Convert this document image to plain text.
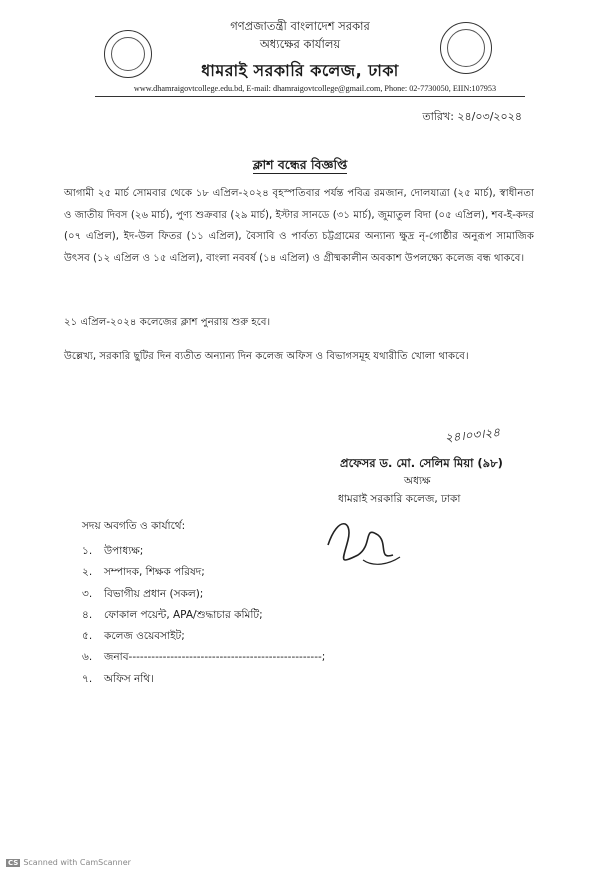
গণপ্রজাতন্ত্রী বাংলাদেশ সরকার
অধ্যক্ষের কার্যালয়
ধামরাই সরকারি কলেজ, ঢাকা
www.dhamraigovtcollege.edu.bd, E-mail: dhamraigovtcollege@gmail.com, Phone: 02-7730050, EIIN:107953
তারিখ: ২৪/০৩/২০২৪
ক্লাশ বন্ধের বিজ্ঞপ্তি
আগামী ২৫ মার্চ সোমবার থেকে ১৮ এপ্রিল-২০২৪ বৃহস্পতিবার পর্যন্ত পবিত্র রমজান, দোলযাত্রা (২৫ মার্চ), স্বাধীনতা ও জাতীয় দিবস (২৬ মার্চ), পুণ্য শুক্রবার (২৯ মার্চ), ইস্টার সানডে (৩১ মার্চ), জুমাতুল বিদা (০৫ এপ্রিল), শব-ই-কদর (০৭ এপ্রিল), ইদ-উল ফিতর (১১ এপ্রিল), বৈসাবি ও পার্বত্য চট্টগ্রামের অন্যান্য ক্ষুদ্র নৃ-গোষ্ঠীর অনুরূপ সামাজিক উৎসব (১২ এপ্রিল ও ১৫ এপ্রিল), বাংলা নববর্ষ (১৪ এপ্রিল) ও গ্রীষ্মকালীন অবকাশ উপলক্ষ্যে কলেজ বন্ধ থাকবে।
২১ এপ্রিল-২০২৪ কলেজের ক্লাশ পুনরায় শুরু হবে।
উল্লেখ্য, সরকারি ছুটির দিন ব্যতীত অন্যান্য দিন কলেজ অফিস ও বিভাগসমূহ যথারীতি খোলা থাকবে।
২৪।০৩।২৪
প্রফেসর ড. মো. সেলিম মিয়া (৯৮)
অধ্যক্ষ
ধামরাই সরকারি কলেজ, ঢাকা
সদয় অবগতি ও কার্যার্থে:
১. উপাধ্যক্ষ;
২. সম্পাদক, শিক্ষক পরিষদ;
৩. বিভাগীয় প্রধান (সকল);
৪. ফোকাল পয়েন্ট, APA/শুদ্ধাচার কমিটি;
৫. কলেজ ওয়েবসাইট;
৬. জনাব---------------------------------------------------;
৭. অফিস নথি।
CS Scanned with CamScanner
